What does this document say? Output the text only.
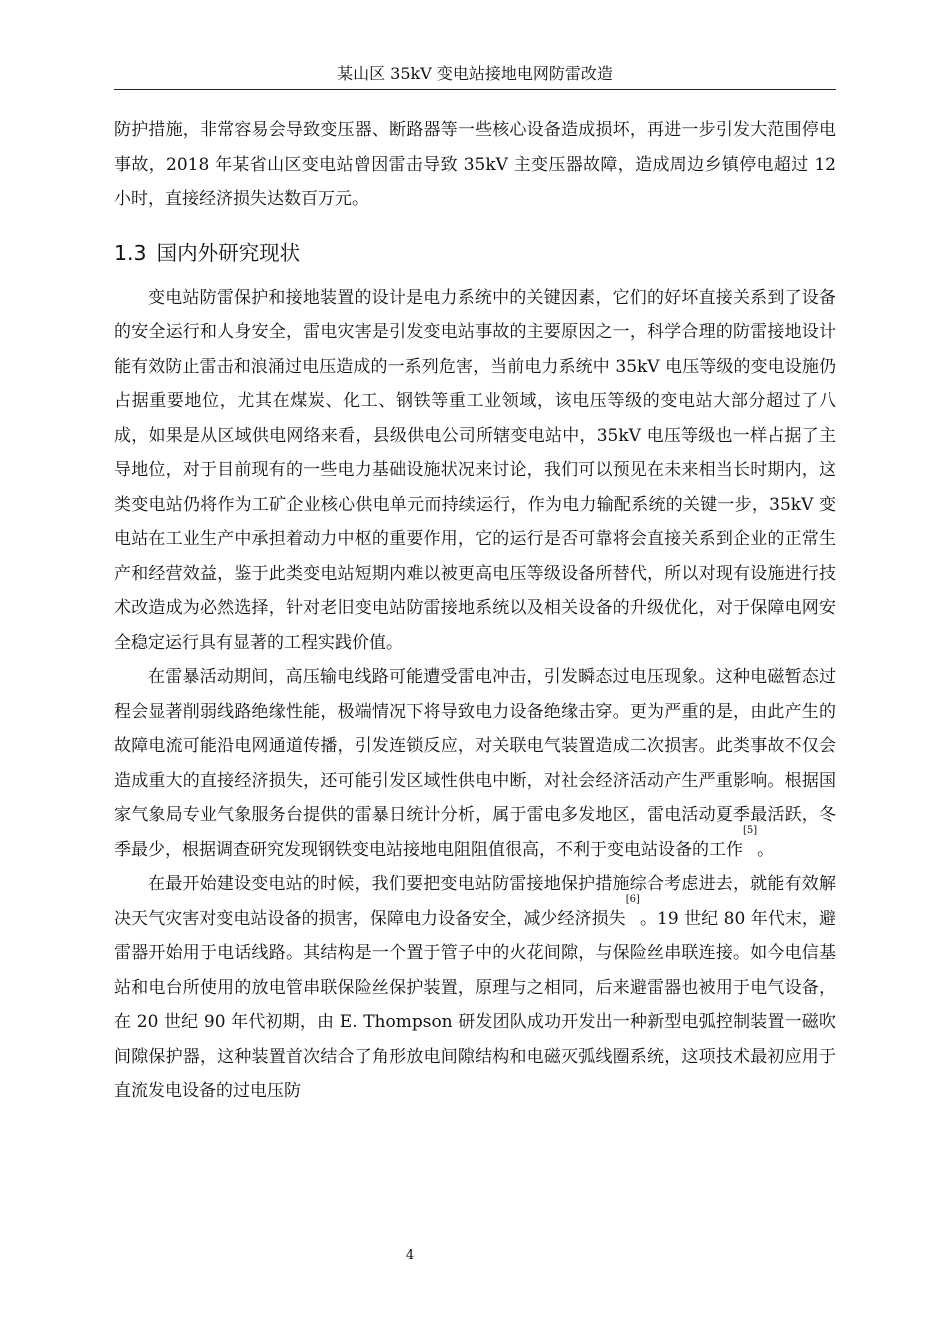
某山区 35kV 变电站接地电网防雷改造

防护措施，非常容易会导致变压器、断路器等一些核心设备造成损坏，再进一步引发大范围停电事故，2018 年某省山区变电站曾因雷击导致 35kV 主变压器故障，造成周边乡镇停电超过 12 小时，直接经济损失达数百万元。

1.3 国内外研究现状

变电站防雷保护和接地装置的设计是电力系统中的关键因素，它们的好坏直接关系到了设备的安全运行和人身安全，雷电灾害是引发变电站事故的主要原因之一，科学合理的防雷接地设计能有效防止雷击和浪涌过电压造成的一系列危害，当前电力系统中 35kV 电压等级的变电设施仍占据重要地位，尤其在煤炭、化工、钢铁等重工业领域，该电压等级的变电站大部分超过了八成，如果是从区域供电网络来看，县级供电公司所辖变电站中，35kV 电压等级也一样占据了主导地位，对于目前现有的一些电力基础设施状况来讨论，我们可以预见在未来相当长时期内，这类变电站仍将作为工矿企业核心供电单元而持续运行，作为电力输配系统的关键一步，35kV 变电站在工业生产中承担着动力中枢的重要作用，它的运行是否可靠将会直接关系到企业的正常生产和经营效益，鉴于此类变电站短期内难以被更高电压等级设备所替代，所以对现有设施进行技术改造成为必然选择，针对老旧变电站防雷接地系统以及相关设备的升级优化，对于保障电网安全稳定运行具有显著的工程实践价值。

在雷暴活动期间，高压输电线路可能遭受雷电冲击，引发瞬态过电压现象。这种电磁暂态过程会显著削弱线路绝缘性能，极端情况下将导致电力设备绝缘击穿。更为严重的是，由此产生的故障电流可能沿电网通道传播，引发连锁反应，对关联电气装置造成二次损害。此类事故不仅会造成重大的直接经济损失，还可能引发区域性供电中断，对社会经济活动产生严重影响。根据国家气象局专业气象服务台提供的雷暴日统计分析，属于雷电多发地区，雷电活动夏季最活跃，冬季最少，根据调查研究发现钢铁变电站接地电阻阻值很高，不利于变电站设备的工作[5]。

在最开始建设变电站的时候，我们要把变电站防雷接地保护措施综合考虑进去，就能有效解决天气灾害对变电站设备的损害，保障电力设备安全，减少经济损失[6]。19 世纪 80 年代末，避雷器开始用于电话线路。其结构是一个置于管子中的火花间隙，与保险丝串联连接。如今电信基站和电台所使用的放电管串联保险丝保护装置，原理与之相同，后来避雷器也被用于电气设备，在 20 世纪 90 年代初期，由 E. Thompson 研发团队成功开发出一种新型电弧控制装置一磁吹间隙保护器，这种装置首次结合了角形放电间隙结构和电磁灭弧线圈系统，这项技术最初应用于直流发电设备的过电压防

4
